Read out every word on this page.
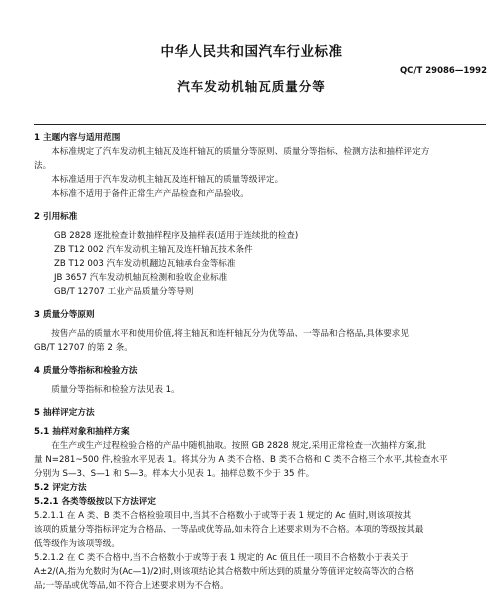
中华人民共和国汽车行业标准
QC/T 29086—1992
汽车发动机轴瓦质量分等

1 主题内容与适用范围

本标准规定了汽车发动机主轴瓦及连杆轴瓦的质量分等原则、质量分等指标、检测方法和抽样评定方

法。

本标准适用于汽车发动机主轴瓦及连杆轴瓦的质量等级评定。

本标准不适用于备件正常生产产品检查和产品验收。

2 引用标准

GB 2828 逐批检查计数抽样程序及抽样表(适用于连续批的检查)

ZB T12 002 汽车发动机主轴瓦及连杆轴瓦技术条件

ZB T12 003 汽车发动机翻边瓦轴承台金等标准

JB 3657 汽车发动机轴瓦检测和验收企业标准

GB/T 12707 工业产品质量分等导则

3 质量分等原则

按售产品的质量水平和使用价值,将主轴瓦和连杆轴瓦分为优等品、一等品和合格品,具体要求见

GB/T 12707 的第 2 条。

4 质量分等指标和检验方法

质量分等指标和检验方法见表 1。

5 抽样评定方法

5.1 抽样对象和抽样方案

在生产或生产过程检验合格的产品中随机抽取。按照 GB 2828 规定,采用正常检查一次抽样方案,批

量 N=281~500 件,检验水平见表 1。将其分为 A 类不合格、B 类不合格和 C 类不合格三个水平,其检查水平

分别为 S—3、S—1 和 S—3。样本大小见表 1。抽样总数不少于 35 件。

5.2 评定方法

5.2.1 各类等级按以下方法评定

5.2.1.1 在 A 类、B 类不合格检验项目中,当其不合格数小于或等于表 1 规定的 Ac 值时,则该项按其

该项的质量分等指标评定为合格品、一等品或优等品,如未符合上述要求则为不合格。本项的等级按其最

低等级作为该项等级。

5.2.1.2 在 C 类不合格中,当不合格数小于或等于表 1 规定的 Ac 值且任一项目不合格数小于表关于

A±2/(A,指为允数时为(Ac—1)/2)时,则该项结论其合格数中所达到的质量分等值评定较高等次的合格

品;一等品或优等品,如不符合上述要求则为不合格。
